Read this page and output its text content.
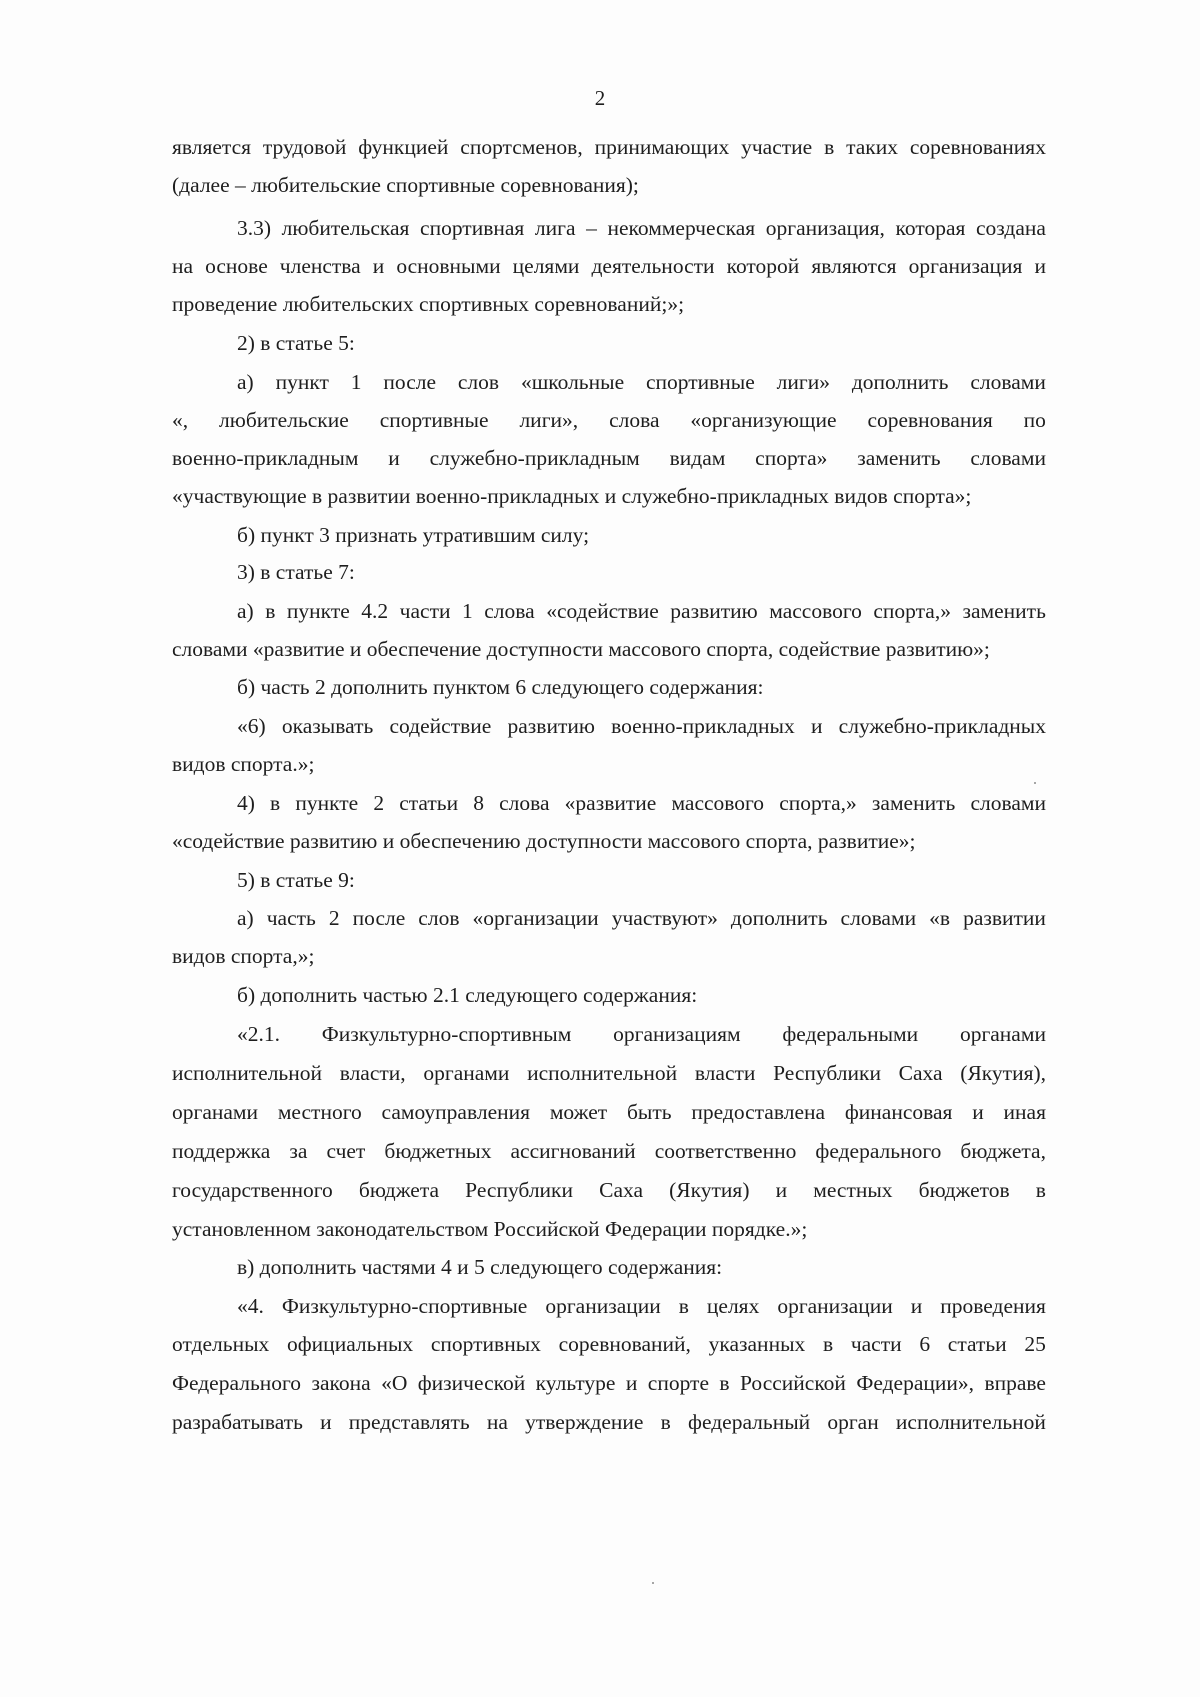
2
является трудовой функцией спортсменов, принимающих участие в таких соревнованиях
(далее – любительские спортивные соревнования);
3.3) любительская спортивная лига – некоммерческая организация, которая создана
на основе членства и основными целями деятельности которой являются организация и
проведение любительских спортивных соревнований;»;
2) в статье 5:
а) пункт 1 после слов «школьные спортивные лиги» дополнить словами
«, любительские спортивные лиги», слова «организующие соревнования по
военно-прикладным и служебно-прикладным видам спорта» заменить словами
«участвующие в развитии военно-прикладных и служебно-прикладных видов спорта»;
б) пункт 3 признать утратившим силу;
3) в статье 7:
а) в пункте 4.2 части 1 слова «содействие развитию массового спорта,» заменить
словами «развитие и обеспечение доступности массового спорта, содействие развитию»;
б) часть 2 дополнить пунктом 6 следующего содержания:
«6) оказывать содействие развитию военно-прикладных и служебно-прикладных
видов спорта.»;
4) в пункте 2 статьи 8 слова «развитие массового спорта,» заменить словами
«содействие развитию и обеспечению доступности массового спорта, развитие»;
5) в статье 9:
а) часть 2 после слов «организации участвуют» дополнить словами «в развитии
видов спорта,»;
б) дополнить частью 2.1 следующего содержания:
«2.1. Физкультурно-спортивным организациям федеральными органами
исполнительной власти, органами исполнительной власти Республики Саха (Якутия),
органами местного самоуправления может быть предоставлена финансовая и иная
поддержка за счет бюджетных ассигнований соответственно федерального бюджета,
государственного бюджета Республики Саха (Якутия) и местных бюджетов в
установленном законодательством Российской Федерации порядке.»;
в) дополнить частями 4 и 5 следующего содержания:
«4. Физкультурно-спортивные организации в целях организации и проведения
отдельных официальных спортивных соревнований, указанных в части 6 статьи 25
Федерального закона «О физической культуре и спорте в Российской Федерации», вправе
разрабатывать и представлять на утверждение в федеральный орган исполнительной
